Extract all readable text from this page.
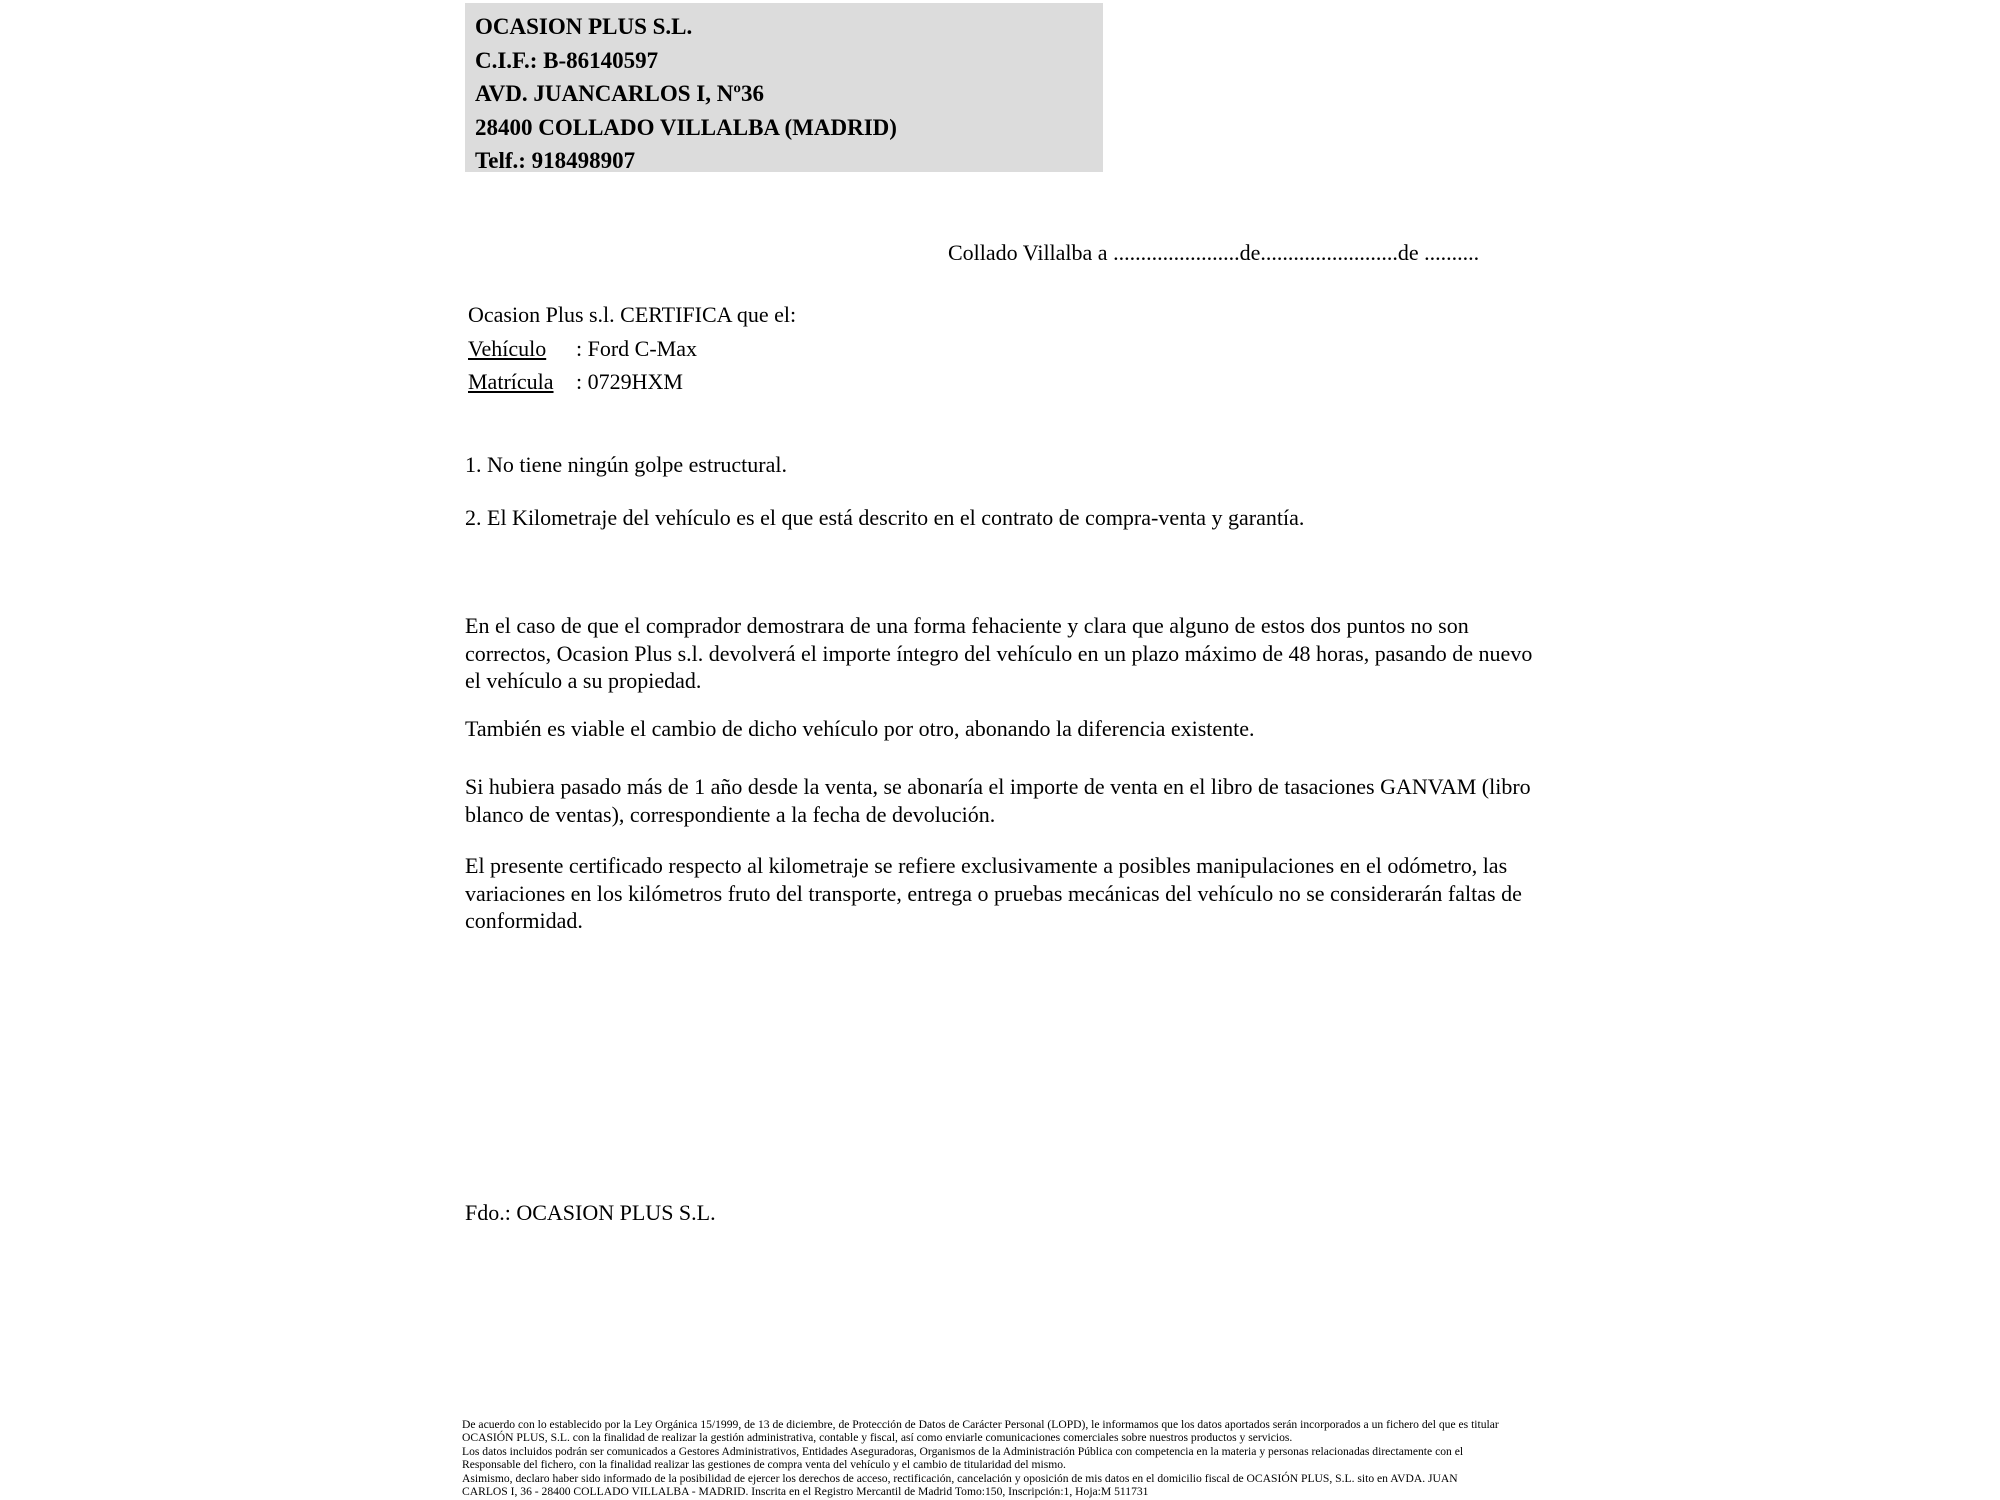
OCASION PLUS S.L.
C.I.F.: B-86140597
AVD. JUANCARLOS I, Nº36
28400 COLLADO VILLALBA (MADRID)
Telf.: 918498907
Collado Villalba a .......................de.........................de ..........
Ocasion Plus s.l. CERTIFICA que el:
Vehículo	: Ford C-Max
Matrícula	: 0729HXM
1. No tiene ningún golpe estructural.
2. El Kilometraje del vehículo es el que está descrito en el contrato de compra-venta y garantía.
En el caso de que el comprador demostrara de una forma fehaciente y clara que alguno de estos dos puntos no son correctos, Ocasion Plus s.l. devolverá el importe íntegro del vehículo en un plazo máximo de 48 horas, pasando de nuevo el vehículo a su propiedad.
También es viable el cambio de dicho vehículo por otro, abonando la diferencia existente.
Si hubiera pasado más de 1 año desde la venta, se abonaría el importe de venta en el libro de tasaciones GANVAM (libro blanco de ventas), correspondiente a la fecha de devolución.
El presente certificado respecto al kilometraje se refiere exclusivamente a posibles manipulaciones en el odómetro, las variaciones en los kilómetros fruto del transporte, entrega o pruebas mecánicas del vehículo no se considerarán faltas de conformidad.
Fdo.: OCASION PLUS S.L.
De acuerdo con lo establecido por la Ley Orgánica 15/1999, de 13 de diciembre, de Protección de Datos de Carácter Personal (LOPD), le informamos que los datos aportados serán incorporados a un fichero del que es titular
OCASIÓN PLUS, S.L. con la finalidad de realizar la gestión administrativa, contable y fiscal, así como enviarle comunicaciones comerciales sobre nuestros productos y servicios.
Los datos incluidos podrán ser comunicados a Gestores Administrativos, Entidades Aseguradoras, Organismos de la Administración Pública con competencia en la materia y personas relacionadas directamente con el
Responsable del fichero, con la finalidad realizar las gestiones de compra venta del vehículo y el cambio de titularidad del mismo.
Asimismo, declaro haber sido informado de la posibilidad de ejercer los derechos de acceso, rectificación, cancelación y oposición de mis datos en el domicilio fiscal de OCASIÓN PLUS, S.L. sito en AVDA. JUAN
CARLOS I, 36 - 28400 COLLADO VILLALBA - MADRID. Inscrita en el Registro Mercantil de Madrid Tomo:150, Inscripción:1, Hoja:M 511731
